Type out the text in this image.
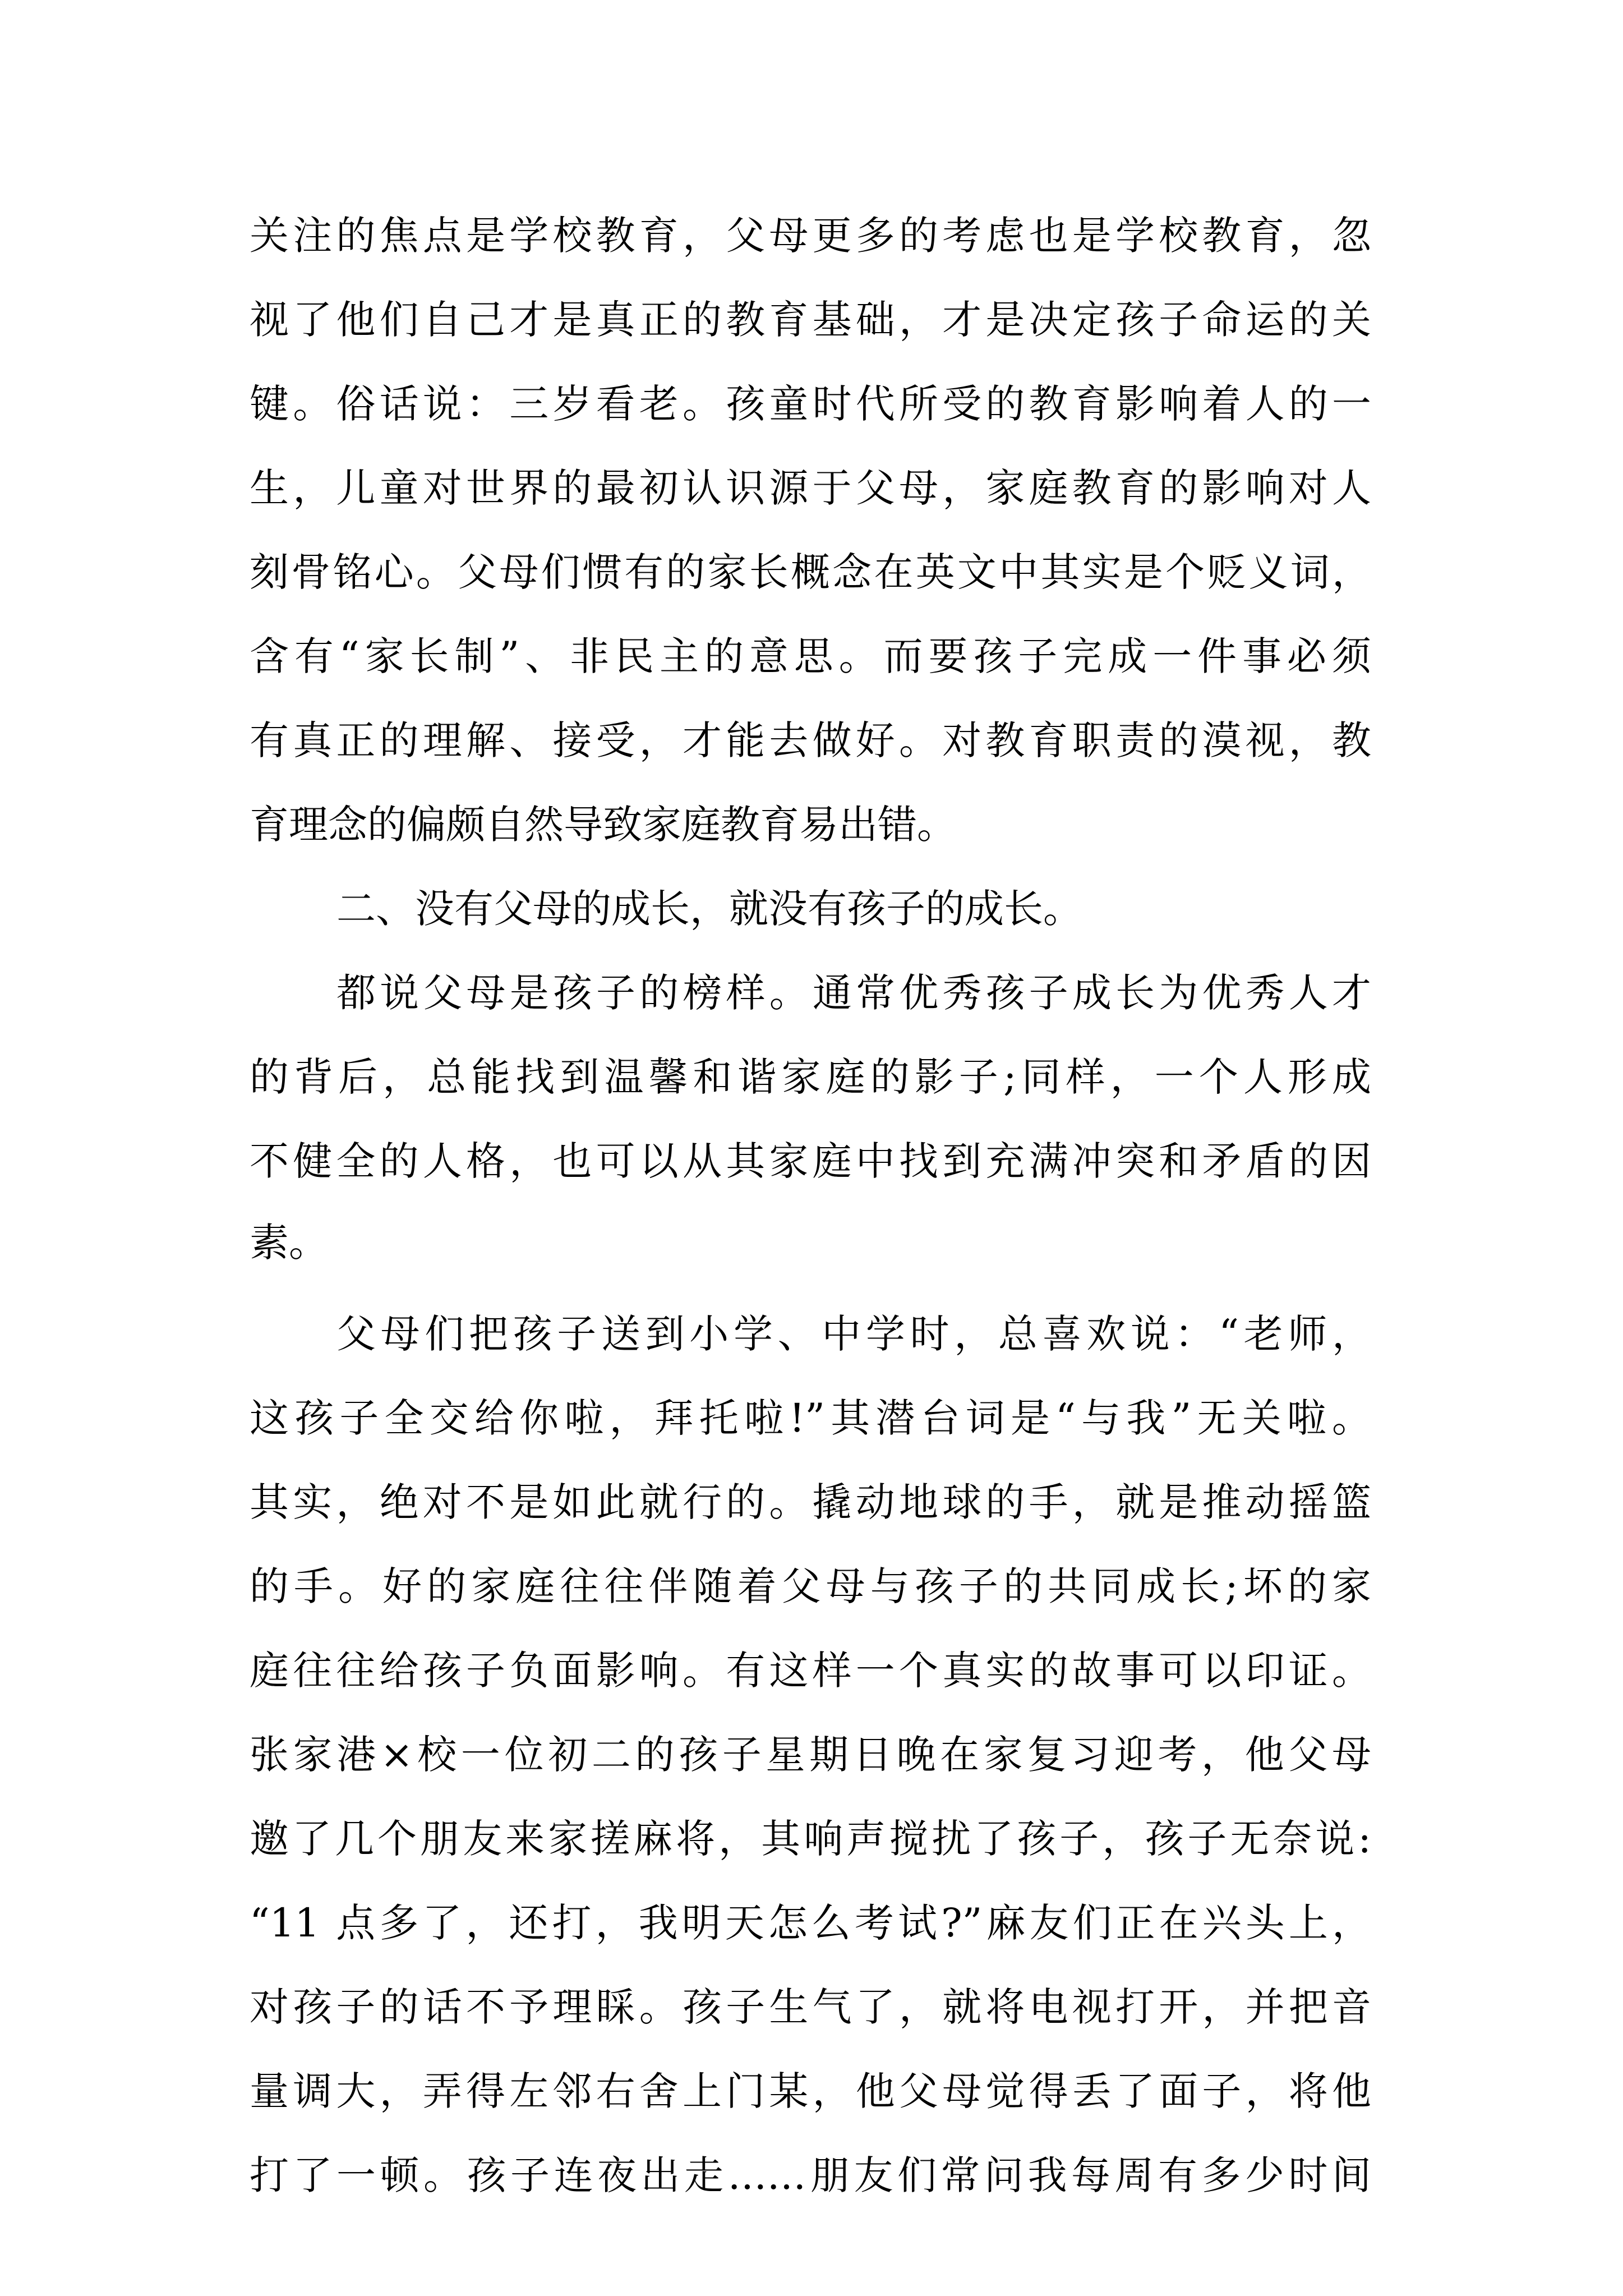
关注的焦点是学校教育，父母更多的考虑也是学校教育，忽
视了他们自己才是真正的教育基础，才是决定孩子命运的关
键。俗话说：三岁看老。孩童时代所受的教育影响着人的一
生，儿童对世界的最初认识源于父母，家庭教育的影响对人
刻骨铭心。父母们惯有的家长概念在英文中其实是个贬义词，
含有“家长制”、非民主的意思。而要孩子完成一件事必须
有真正的理解、接受，才能去做好。对教育职责的漠视，教
育理念的偏颇自然导致家庭教育易出错。
二、没有父母的成长，就没有孩子的成长。
都说父母是孩子的榜样。通常优秀孩子成长为优秀人才
的背后，总能找到温馨和谐家庭的影子;同样，一个人形成
不健全的人格，也可以从其家庭中找到充满冲突和矛盾的因
素。
父母们把孩子送到小学、中学时，总喜欢说：“老师，
这孩子全交给你啦，拜托啦!”其潜台词是“与我”无关啦。
其实，绝对不是如此就行的。撬动地球的手，就是推动摇篮
的手。好的家庭往往伴随着父母与孩子的共同成长;坏的家
庭往往给孩子负面影响。有这样一个真实的故事可以印证。
张家港×校一位初二的孩子星期日晚在家复习迎考，他父母
邀了几个朋友来家搓麻将，其响声搅扰了孩子，孩子无奈说:
“11 点多了，还打，我明天怎么考试?”麻友们正在兴头上，
对孩子的话不予理睬。孩子生气了，就将电视打开，并把音
量调大，弄得左邻右舍上门某，他父母觉得丢了面子，将他
打了一顿。孩子连夜出走……朋友们常问我每周有多少时间
